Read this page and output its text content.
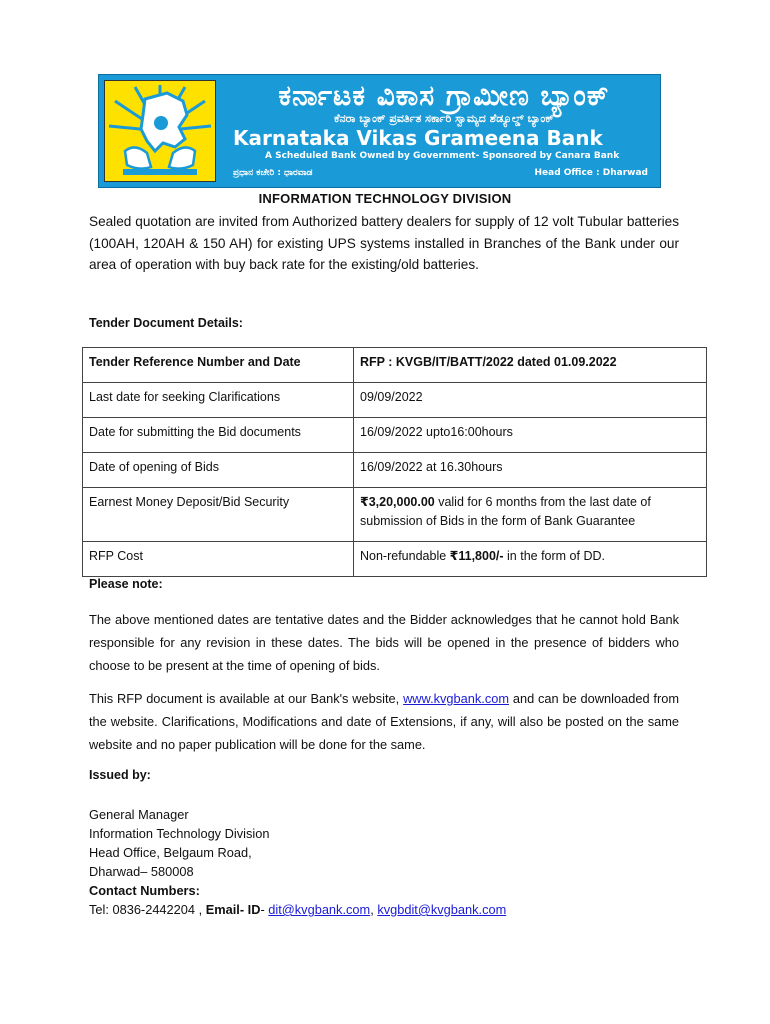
ಕರ್ನಾಟಕ ವಿಕಾಸ ಗ್ರಾಮೀಣ ಬ್ಯಾಂಕ್
ಕೆನರಾ ಬ್ಯಾಂಕ್ ಪ್ರವರ್ತಿತ ಸರ್ಕಾರಿ ಸ್ವಾಮ್ಯದ ಶೆಡ್ಯೂಲ್ಡ್ ಬ್ಯಾಂಕ್
Karnataka Vikas Grameena Bank
A Scheduled Bank Owned by Government- Sponsored by Canara Bank
ಪ್ರಧಾನ ಕಚೇರಿ : ಧಾರವಾಡ	Head Office : Dharwad
INFORMATION TECHNOLOGY DIVISION

Sealed quotation are invited from Authorized battery dealers for supply of 12 volt Tubular batteries (100AH, 120AH & 150 AH) for existing UPS systems installed in Branches of the Bank under our area of operation with buy back rate for the existing/old batteries.

Tender Document Details:
Tender Reference Number and Date	RFP : KVGB/IT/BATT/2022 dated 01.09.2022
Last date for seeking Clarifications	09/09/2022
Date for submitting the Bid documents	16/09/2022 upto16:00hours
Date of opening of Bids	16/09/2022 at 16.30hours
Earnest Money Deposit/Bid Security	₹3,20,000.00 valid for 6 months from the last date of submission of Bids in the form of Bank Guarantee
RFP Cost	Non-refundable ₹11,800/- in the form of DD.
Please note:

The above mentioned dates are tentative dates and the Bidder acknowledges that he cannot hold Bank responsible for any revision in these dates. The bids will be opened in the presence of bidders who choose to be present at the time of opening of bids.

This RFP document is available at our Bank's website, www.kvgbank.com and can be downloaded from the website. Clarifications, Modifications and date of Extensions, if any, will also be posted on the same website and no paper publication will be done for the same.

Issued by:
General Manager
Information Technology Division
Head Office, Belgaum Road,
Dharwad– 580008
Contact Numbers:
Tel: 0836-2442204 , Email- ID- dit@kvgbank.com, kvgbdit@kvgbank.com
